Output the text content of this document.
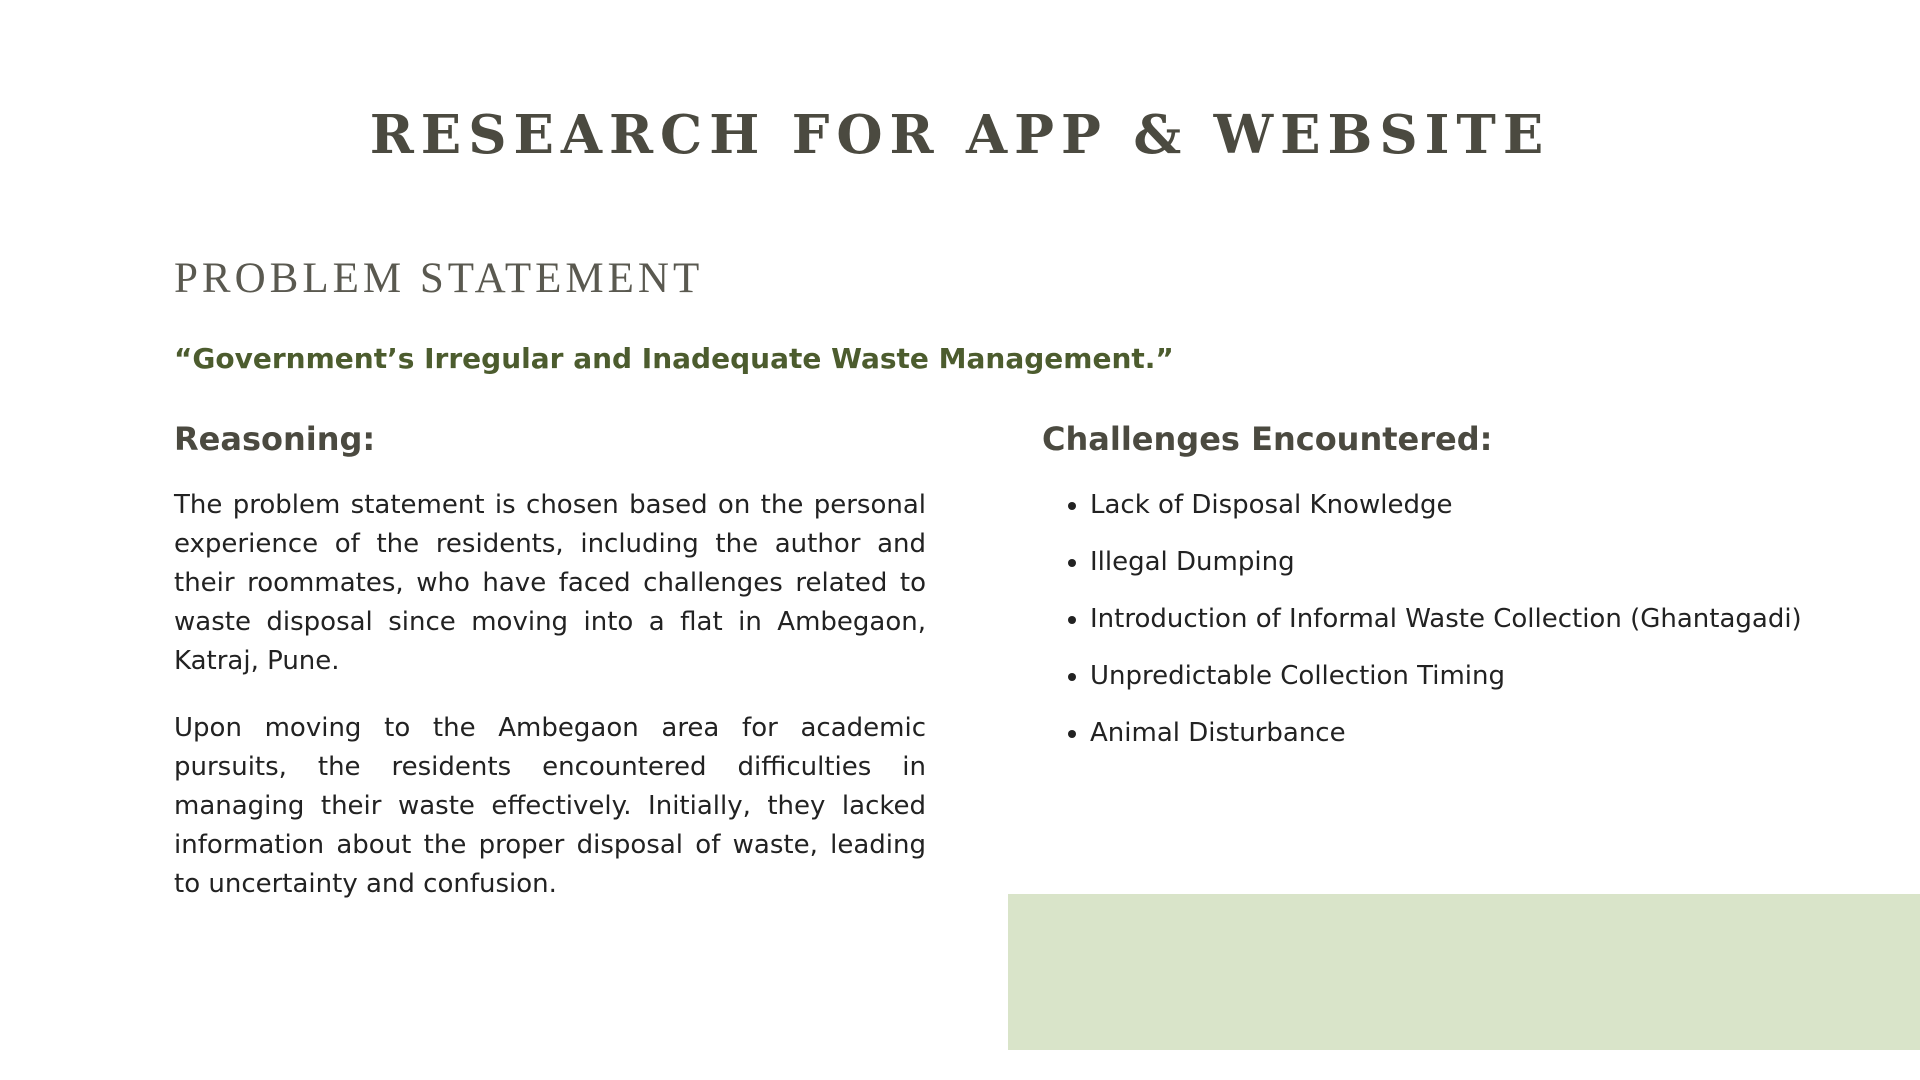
RESEARCH FOR APP & WEBSITE
PROBLEM STATEMENT

“Government’s Irregular and Inadequate Waste Management.”

Reasoning:

The problem statement is chosen based on the personal experience of the residents, including the author and their roommates, who have faced challenges related to waste disposal since moving into a flat in Ambegaon, Katraj, Pune.

Upon moving to the Ambegaon area for academic pursuits, the residents encountered difficulties in managing their waste effectively. Initially, they lacked information about the proper disposal of waste, leading to uncertainty and confusion.

Challenges Encountered:
Lack of Disposal Knowledge
Illegal Dumping
Introduction of Informal Waste Collection (Ghantagadi)
Unpredictable Collection Timing
Animal Disturbance
